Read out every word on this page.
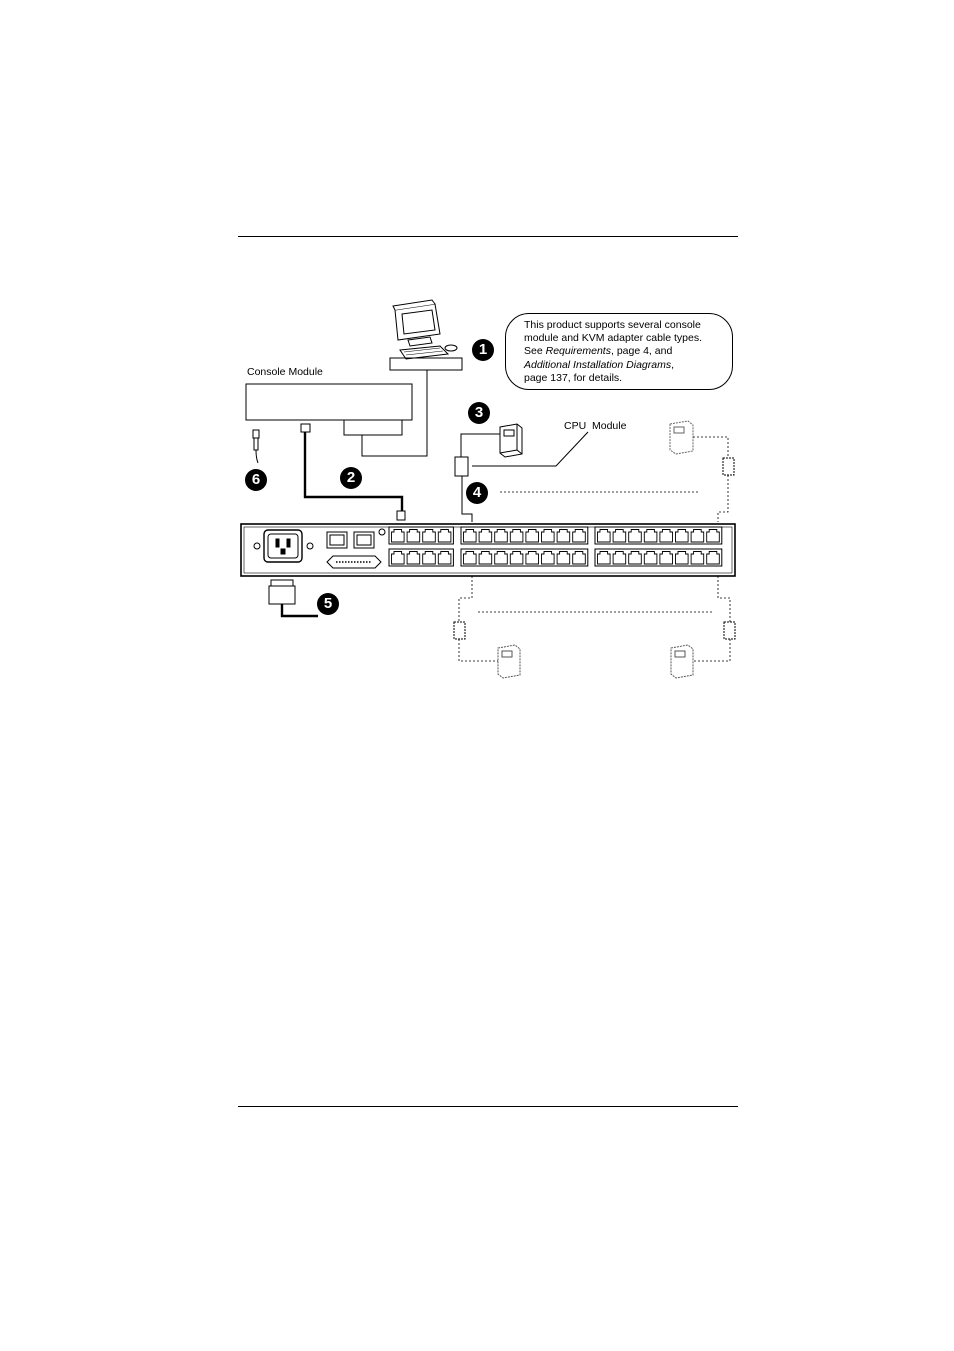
Console Module
CPU  Module
This product supports several console
module and KVM adapter cable types.
See Requirements, page 4, and
Additional Installation Diagrams,
page 137, for details.
1
2
3
4
5
6
